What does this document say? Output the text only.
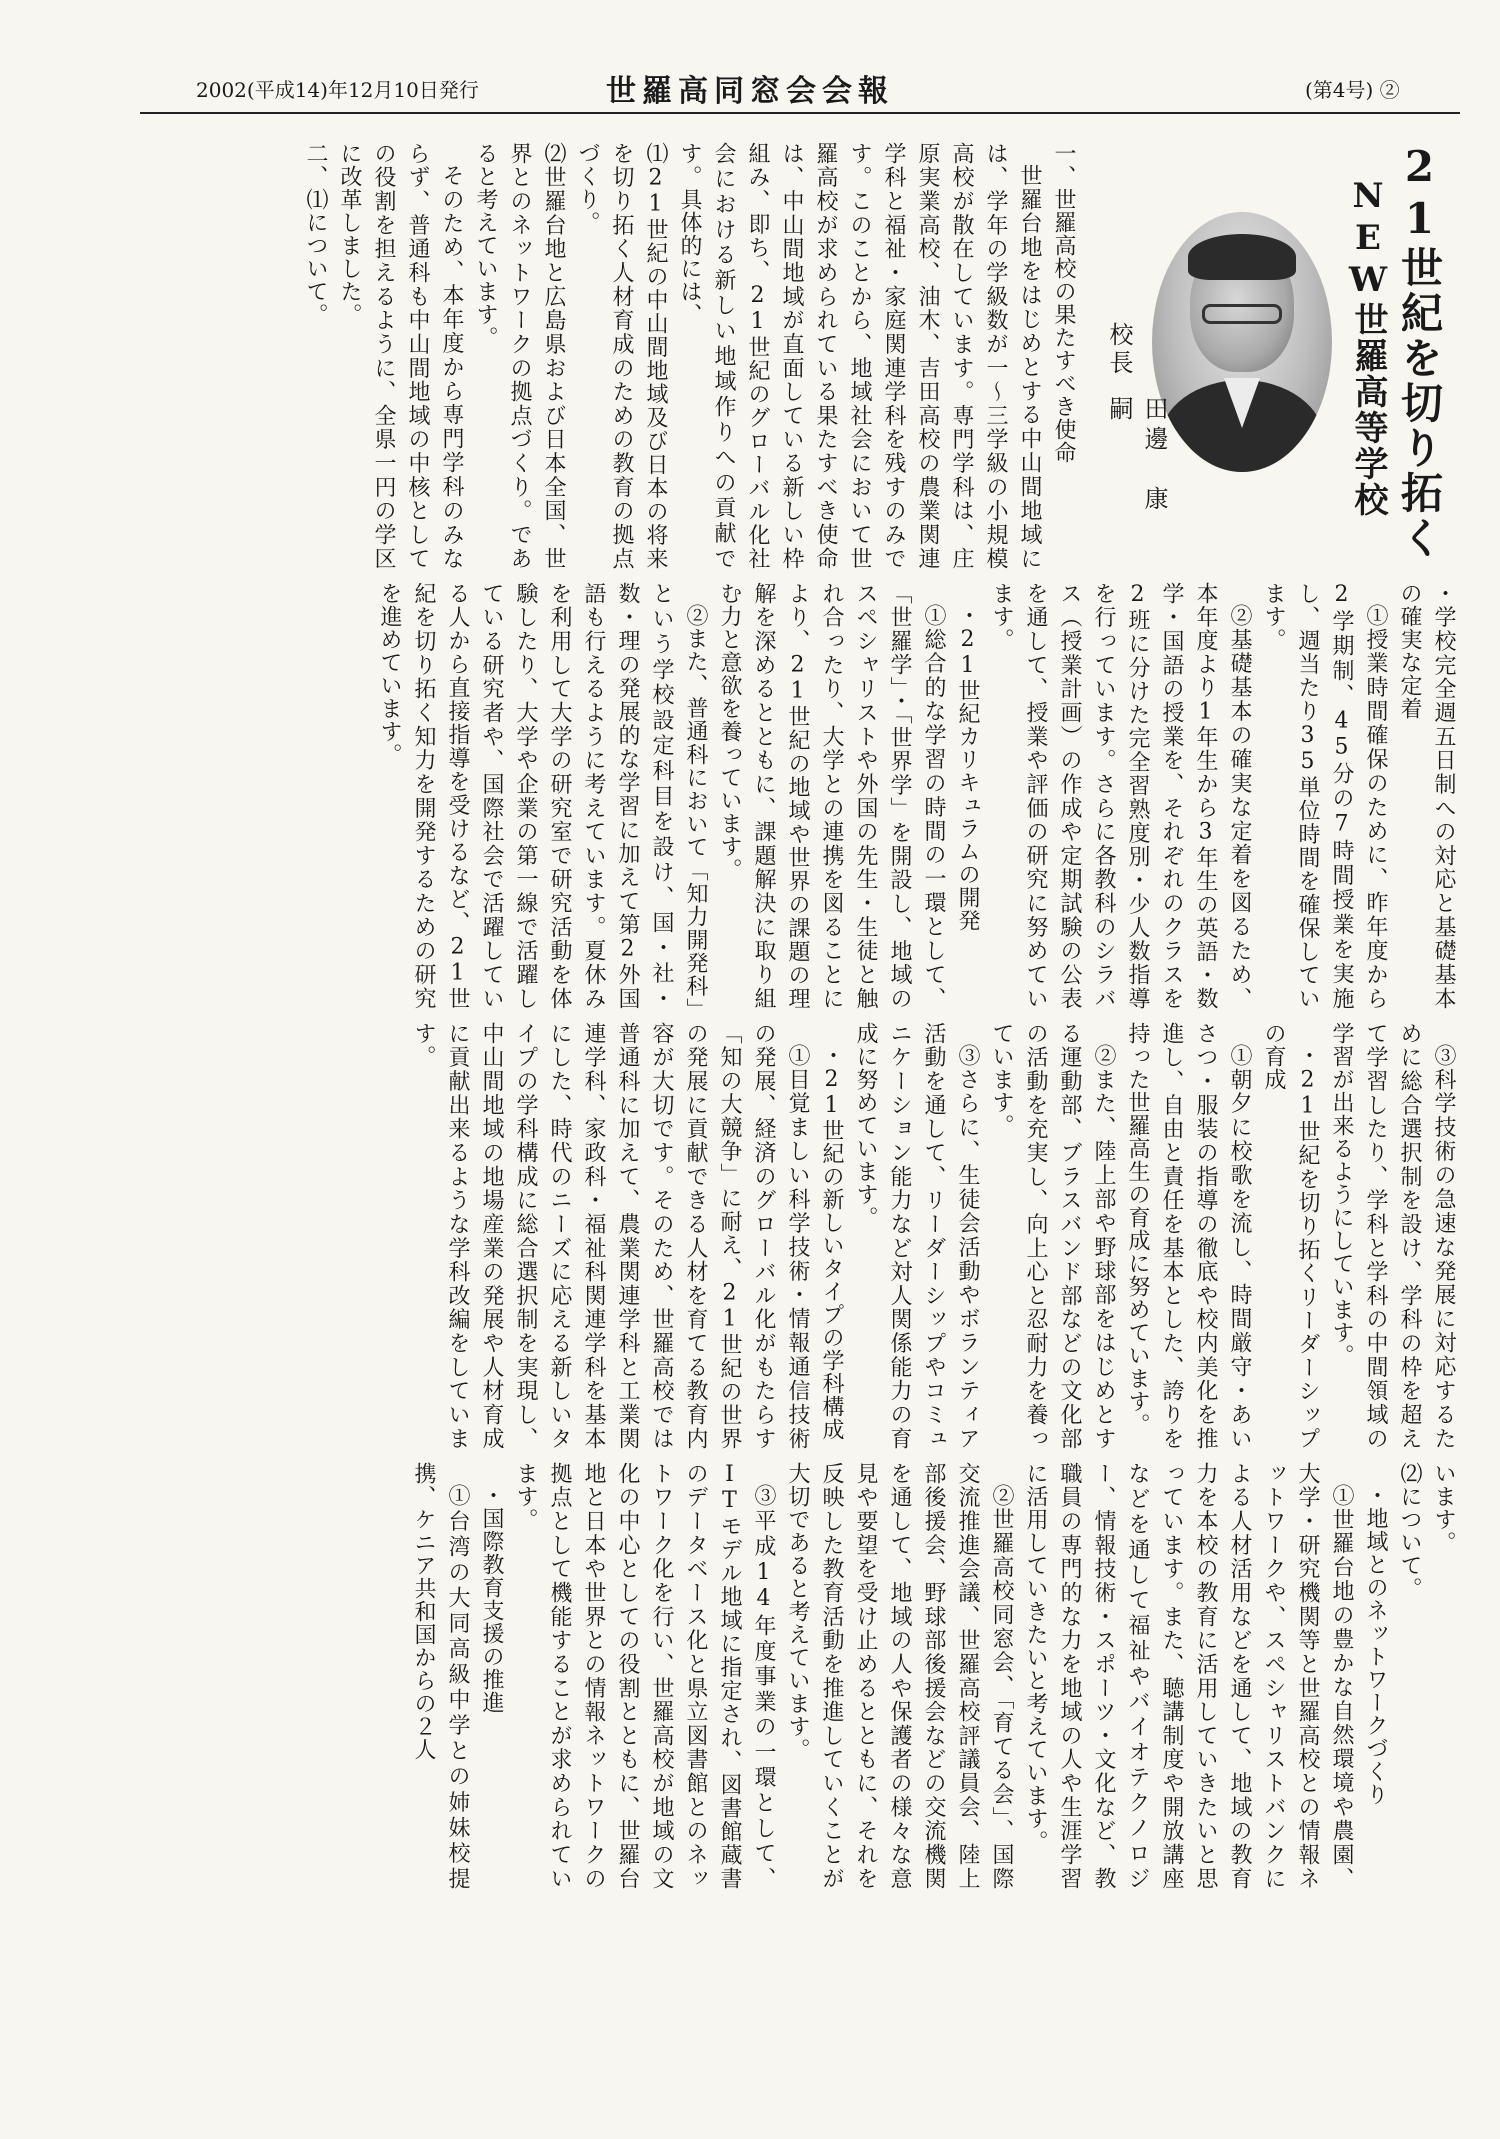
2002(平成14)年12月10日発行	世羅高同窓会会報	(第4号) ②
21世紀を切り拓く
NEW世羅高等学校
校長
田邊　康嗣

一、世羅高校の果たすべき使命

世羅台地をはじめとする中山間地域には、学年の学級数が一～三学級の小規模高校が散在しています。専門学科は、庄原実業高校、油木、吉田高校の農業関連学科と福祉・家庭関連学科を残すのみです。このことから、地域社会において世羅高校が求められている果たすべき使命は、中山間地域が直面している新しい枠組み、即ち、21世紀のグローバル化社会における新しい地域作りへの貢献です。具体的には、

⑴21世紀の中山間地域及び日本の将来を切り拓く人材育成のための教育の拠点づくり。

⑵世羅台地と広島県および日本全国、世界とのネットワークの拠点づくり。であると考えています。

そのため、本年度から専門学科のみならず、普通科も中山間地域の中核としての役割を担えるように、全県一円の学区に改革しました。

二、⑴について。

・学校完全週五日制への対応と基礎基本の確実な定着

①授業時間確保のために、昨年度から2学期制、45分の7時間授業を実施し、週当たり35単位時間を確保しています。

②基礎基本の確実な定着を図るため、本年度より1年生から3年生の英語・数学・国語の授業を、それぞれのクラスを2班に分けた完全習熟度別・少人数指導を行っています。さらに各教科のシラバス（授業計画）の作成や定期試験の公表を通して、授業や評価の研究に努めています。

・21世紀カリキュラムの開発

①総合的な学習の時間の一環として、「世羅学」・「世界学」を開設し、地域のスペシャリストや外国の先生・生徒と触れ合ったり、大学との連携を図ることにより、21世紀の地域や世界の課題の理解を深めるとともに、課題解決に取り組む力と意欲を養っています。

②また、普通科において「知力開発科」という学校設定科目を設け、国・社・数・理の発展的な学習に加えて第2外国語も行えるように考えています。夏休みを利用して大学の研究室で研究活動を体験したり、大学や企業の第一線で活躍している研究者や、国際社会で活躍している人から直接指導を受けるなど、21世紀を切り拓く知力を開発するための研究を進めています。

③科学技術の急速な発展に対応するために総合選択制を設け、学科の枠を超えて学習したり、学科と学科の中間領域の学習が出来るようにしています。

・21世紀を切り拓くリーダーシップの育成

①朝夕に校歌を流し、時間厳守・あいさつ・服装の指導の徹底や校内美化を推進し、自由と責任を基本とした、誇りを持った世羅高生の育成に努めています。

②また、陸上部や野球部をはじめとする運動部、ブラスバンド部などの文化部の活動を充実し、向上心と忍耐力を養っています。

③さらに、生徒会活動やボランティア活動を通して、リーダーシップやコミュニケーション能力など対人関係能力の育成に努めています。

・21世紀の新しいタイプの学科構成

①目覚ましい科学技術・情報通信技術の発展、経済のグローバル化がもたらす「知の大競争」に耐え、21世紀の世界の発展に貢献できる人材を育てる教育内容が大切です。そのため、世羅高校では普通科に加えて、農業関連学科と工業関連学科、家政科・福祉科関連学科を基本にした、時代のニーズに応える新しいタイプの学科構成に総合選択制を実現し、中山間地域の地場産業の発展や人材育成に貢献出来るような学科改編をしています。

います。

⑵について。

・地域とのネットワークづくり

①世羅台地の豊かな自然環境や農園、大学・研究機関等と世羅高校との情報ネットワークや、スペシャリストバンクによる人材活用などを通して、地域の教育力を本校の教育に活用していきたいと思っています。また、聴講制度や開放講座などを通して福祉やバイオテクノロジー、情報技術・スポーツ・文化など、教職員の専門的な力を地域の人や生涯学習に活用していきたいと考えています。

②世羅高校同窓会、「育てる会」、国際交流推進会議、世羅高校評議員会、陸上部後援会、野球部後援会などの交流機関を通して、地域の人や保護者の様々な意見や要望を受け止めるとともに、それを反映した教育活動を推進していくことが大切であると考えています。

③平成14年度事業の一環として、ITモデル地域に指定され、図書館蔵書のデータベース化と県立図書館とのネットワーク化を行い、世羅高校が地域の文化の中心としての役割とともに、世羅台地と日本や世界との情報ネットワークの拠点として機能することが求められています。

・国際教育支援の推進

①台湾の大同高級中学との姉妹校提携、ケニア共和国からの２人
